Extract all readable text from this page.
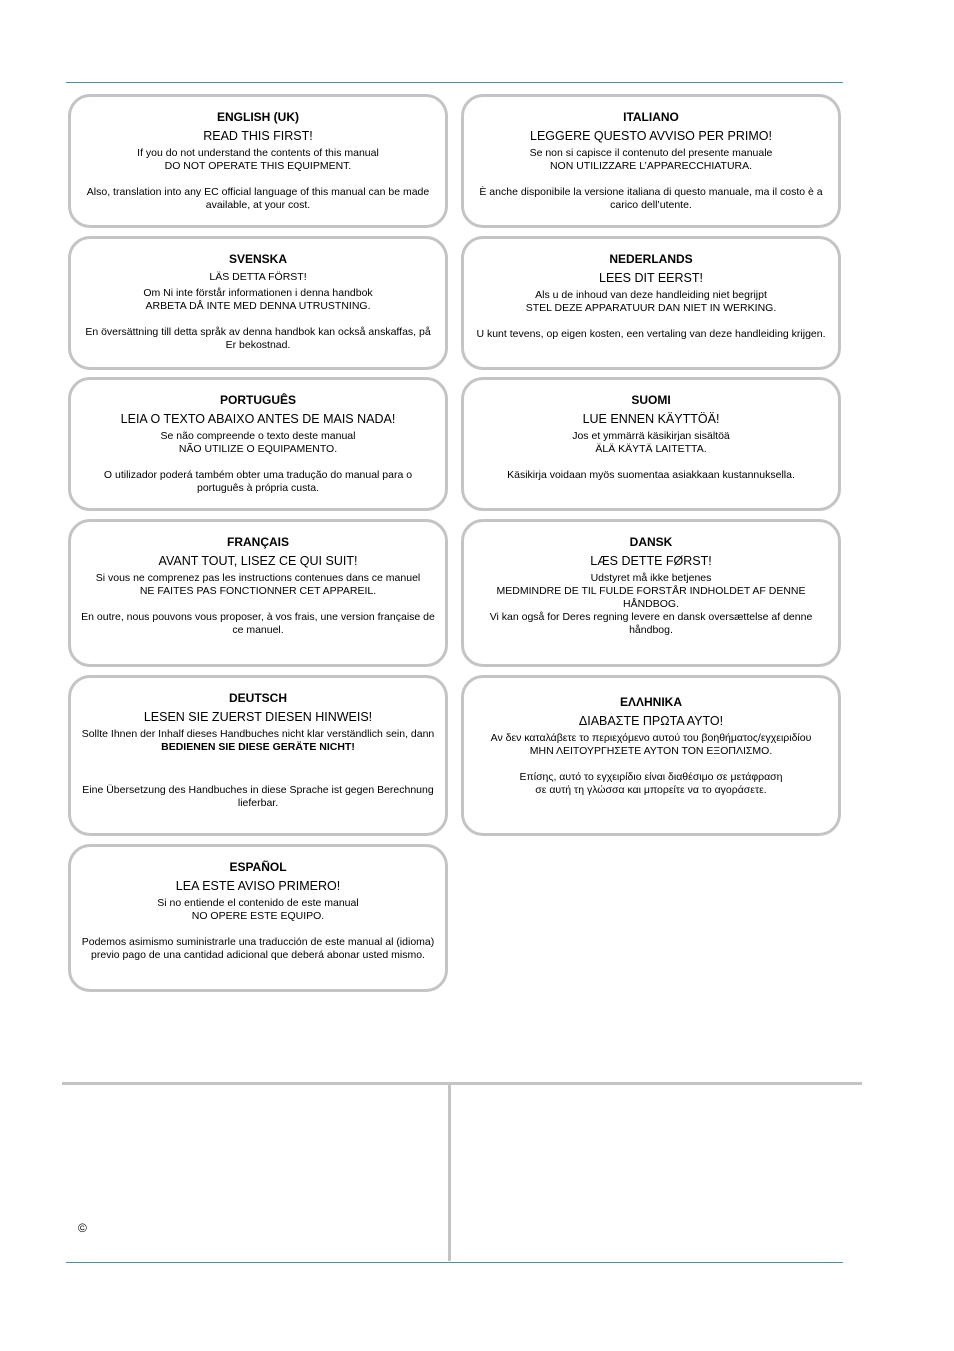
ENGLISH (UK)
READ THIS FIRST!
If you do not understand the contents of this manual
DO NOT OPERATE THIS EQUIPMENT.
Also, translation into any EC official language of this manual can be made available, at your cost.
ITALIANO
LEGGERE QUESTO AVVISO PER PRIMO!
Se non si capisce il contenuto del presente manuale
NON UTILIZZARE L’APPARECCHIATURA.
È anche disponibile la versione italiana di questo manuale, ma il costo è a carico dell’utente.
SVENSKA
LÄS DETTA FÖRST!
Om Ni inte förstår informationen i denna handbok
ARBETA DÅ INTE MED DENNA UTRUSTNING.
En översättning till detta språk av denna handbok kan också anskaffas, på Er bekostnad.
NEDERLANDS
LEES DIT EERST!
Als u de inhoud van deze handleiding niet begrijpt
STEL DEZE APPARATUUR DAN NIET IN WERKING.
U kunt tevens, op eigen kosten, een vertaling van deze handleiding krijgen.
PORTUGUÊS
LEIA O TEXTO ABAIXO ANTES DE MAIS NADA!
Se não compreende o texto deste manual
NÃO UTILIZE O EQUIPAMENTO.
O utilizador poderá também obter uma tradução do manual para o português à própria custa.
SUOMI
LUE ENNEN KÄYTTÖÄ!
Jos et ymmärrä käsikirjan sisältöä
ÄLÄ KÄYTÄ LAITETTA.
Käsikirja voidaan myös suomentaa asiakkaan kustannuksella.
FRANÇAIS
AVANT TOUT, LISEZ CE QUI SUIT!
Si vous ne comprenez pas les instructions contenues dans ce manuel
NE FAITES PAS FONCTIONNER CET APPAREIL.
En outre, nous pouvons vous proposer, à vos frais, une version française de ce manuel.
DANSK
LÆS DETTE FØRST!
Udstyret må ikke betjenes
MEDMINDRE DE TIL FULDE FORSTÅR INDHOLDET AF DENNE HÅNDBOG.
Vi kan også for Deres regning levere en dansk oversættelse af denne håndbog.
DEUTSCH
LESEN SIE ZUERST DIESEN HINWEIS!
Sollte Ihnen der Inhalf dieses Handbuches nicht klar verständlich sein, dann
BEDIENEN SIE DIESE GERÄTE NICHT!
Eine Übersetzung des Handbuches in diese Sprache ist gegen Berechnung lieferbar.
ΕΛΛΗΝΙΚΑ
ΔΙΑΒΑΣΤΕ ΠΡΩΤΑ ΑΥΤΟ!
Αν δεν καταλάβετε το περιεχόμενο αυτού του βοηθήματος/εγχειριδίου
ΜΗΝ ΛΕΙΤΟΥΡΓΗΣΕΤΕ ΑΥΤΟΝ ΤΟΝ ΕΞΟΠΛΙΣΜΟ.
Επίσης, αυτό το εγχειρίδιο είναι διαθέσιμο σε μετάφραση
σε αυτή τη γλώσσα και μπορείτε να το αγοράσετε.
ESPAÑOL
LEA ESTE AVISO PRIMERO!
Si no entiende el contenido de este manual
NO OPERE ESTE EQUIPO.
Podemos asimismo suministrarle una traducción de este manual al (idioma) previo pago de una cantidad adicional que deberá abonar usted mismo.
©
